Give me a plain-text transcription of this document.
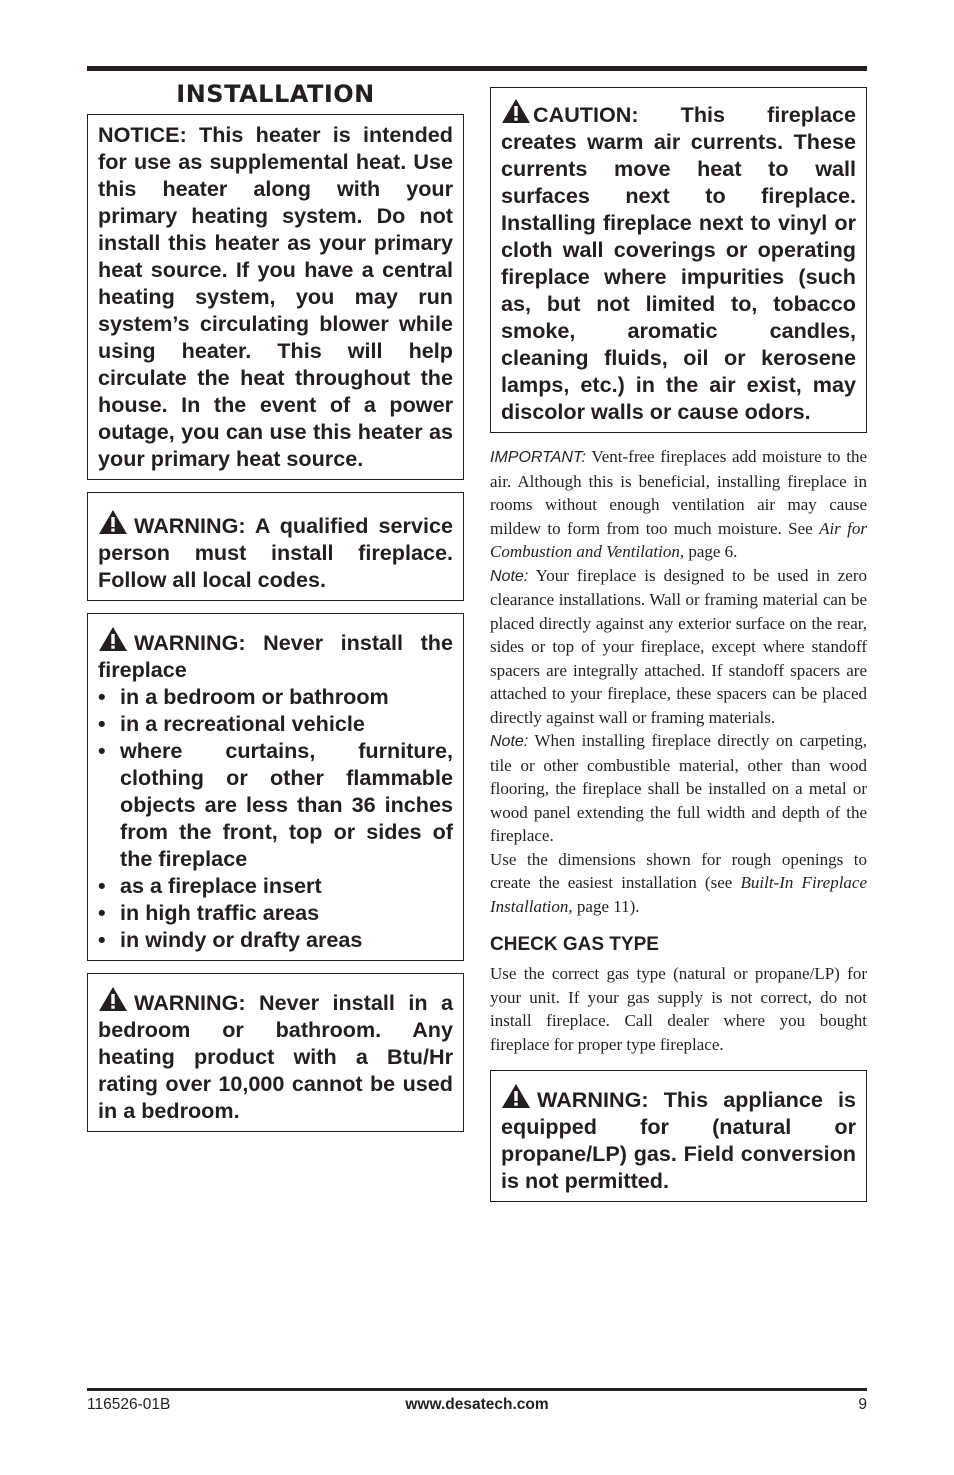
INSTALLATION

NOTICE: This heater is intended for use as supplemental heat. Use this heater along with your primary heating system. Do not install this heater as your primary heat source. If you have a central heating system, you may run system’s circulating blower while using heater. This will help circulate the heat throughout the house. In the event of a power outage, you can use this heater as your primary heat source.

WARNING: A qualified service person must install fireplace. Follow all local codes.

WARNING: Never install the fireplace

• in a bedroom or bathroom
• in a recreational vehicle
• where curtains, furniture, clothing or other flammable objects are less than 36 inches from the front, top or sides of the fireplace
• as a fireplace insert
• in high traffic areas
• in windy or drafty areas

WARNING: Never install in a bedroom or bathroom. Any heating product with a Btu/Hr rating over 10,000 cannot be used in a bedroom.

CAUTION: This fireplace creates warm air currents. These currents move heat to wall surfaces next to fireplace. Installing fireplace next to vinyl or cloth wall coverings or operating fireplace where impurities (such as, but not limited to, tobacco smoke, aromatic candles, cleaning fluids, oil or kerosene lamps, etc.) in the air exist, may discolor walls or cause odors.

IMPORTANT: Vent-free fireplaces add moisture to the air. Although this is beneficial, installing fireplace in rooms without enough ventilation air may cause mildew to form from too much moisture. See Air for Combustion and Ventilation, page 6.

Note: Your fireplace is designed to be used in zero clearance installations. Wall or framing material can be placed directly against any exterior surface on the rear, sides or top of your fireplace, except where standoff spacers are integrally attached. If standoff spacers are attached to your fireplace, these spacers can be placed directly against wall or framing materials.

Note: When installing fireplace directly on carpeting, tile or other combustible material, other than wood flooring, the fireplace shall be installed on a metal or wood panel extending the full width and depth of the fireplace.

Use the dimensions shown for rough openings to create the easiest installation (see Built-In Fireplace Installation, page 11).

CHECK GAS TYPE

Use the correct gas type (natural or propane/LP) for your unit. If your gas supply is not correct, do not install fireplace. Call dealer where you bought fireplace for proper type fireplace.

WARNING: This appliance is equipped for (natural or propane/LP) gas. Field conversion is not permitted.

www.desatech.com
116526-01B	9
